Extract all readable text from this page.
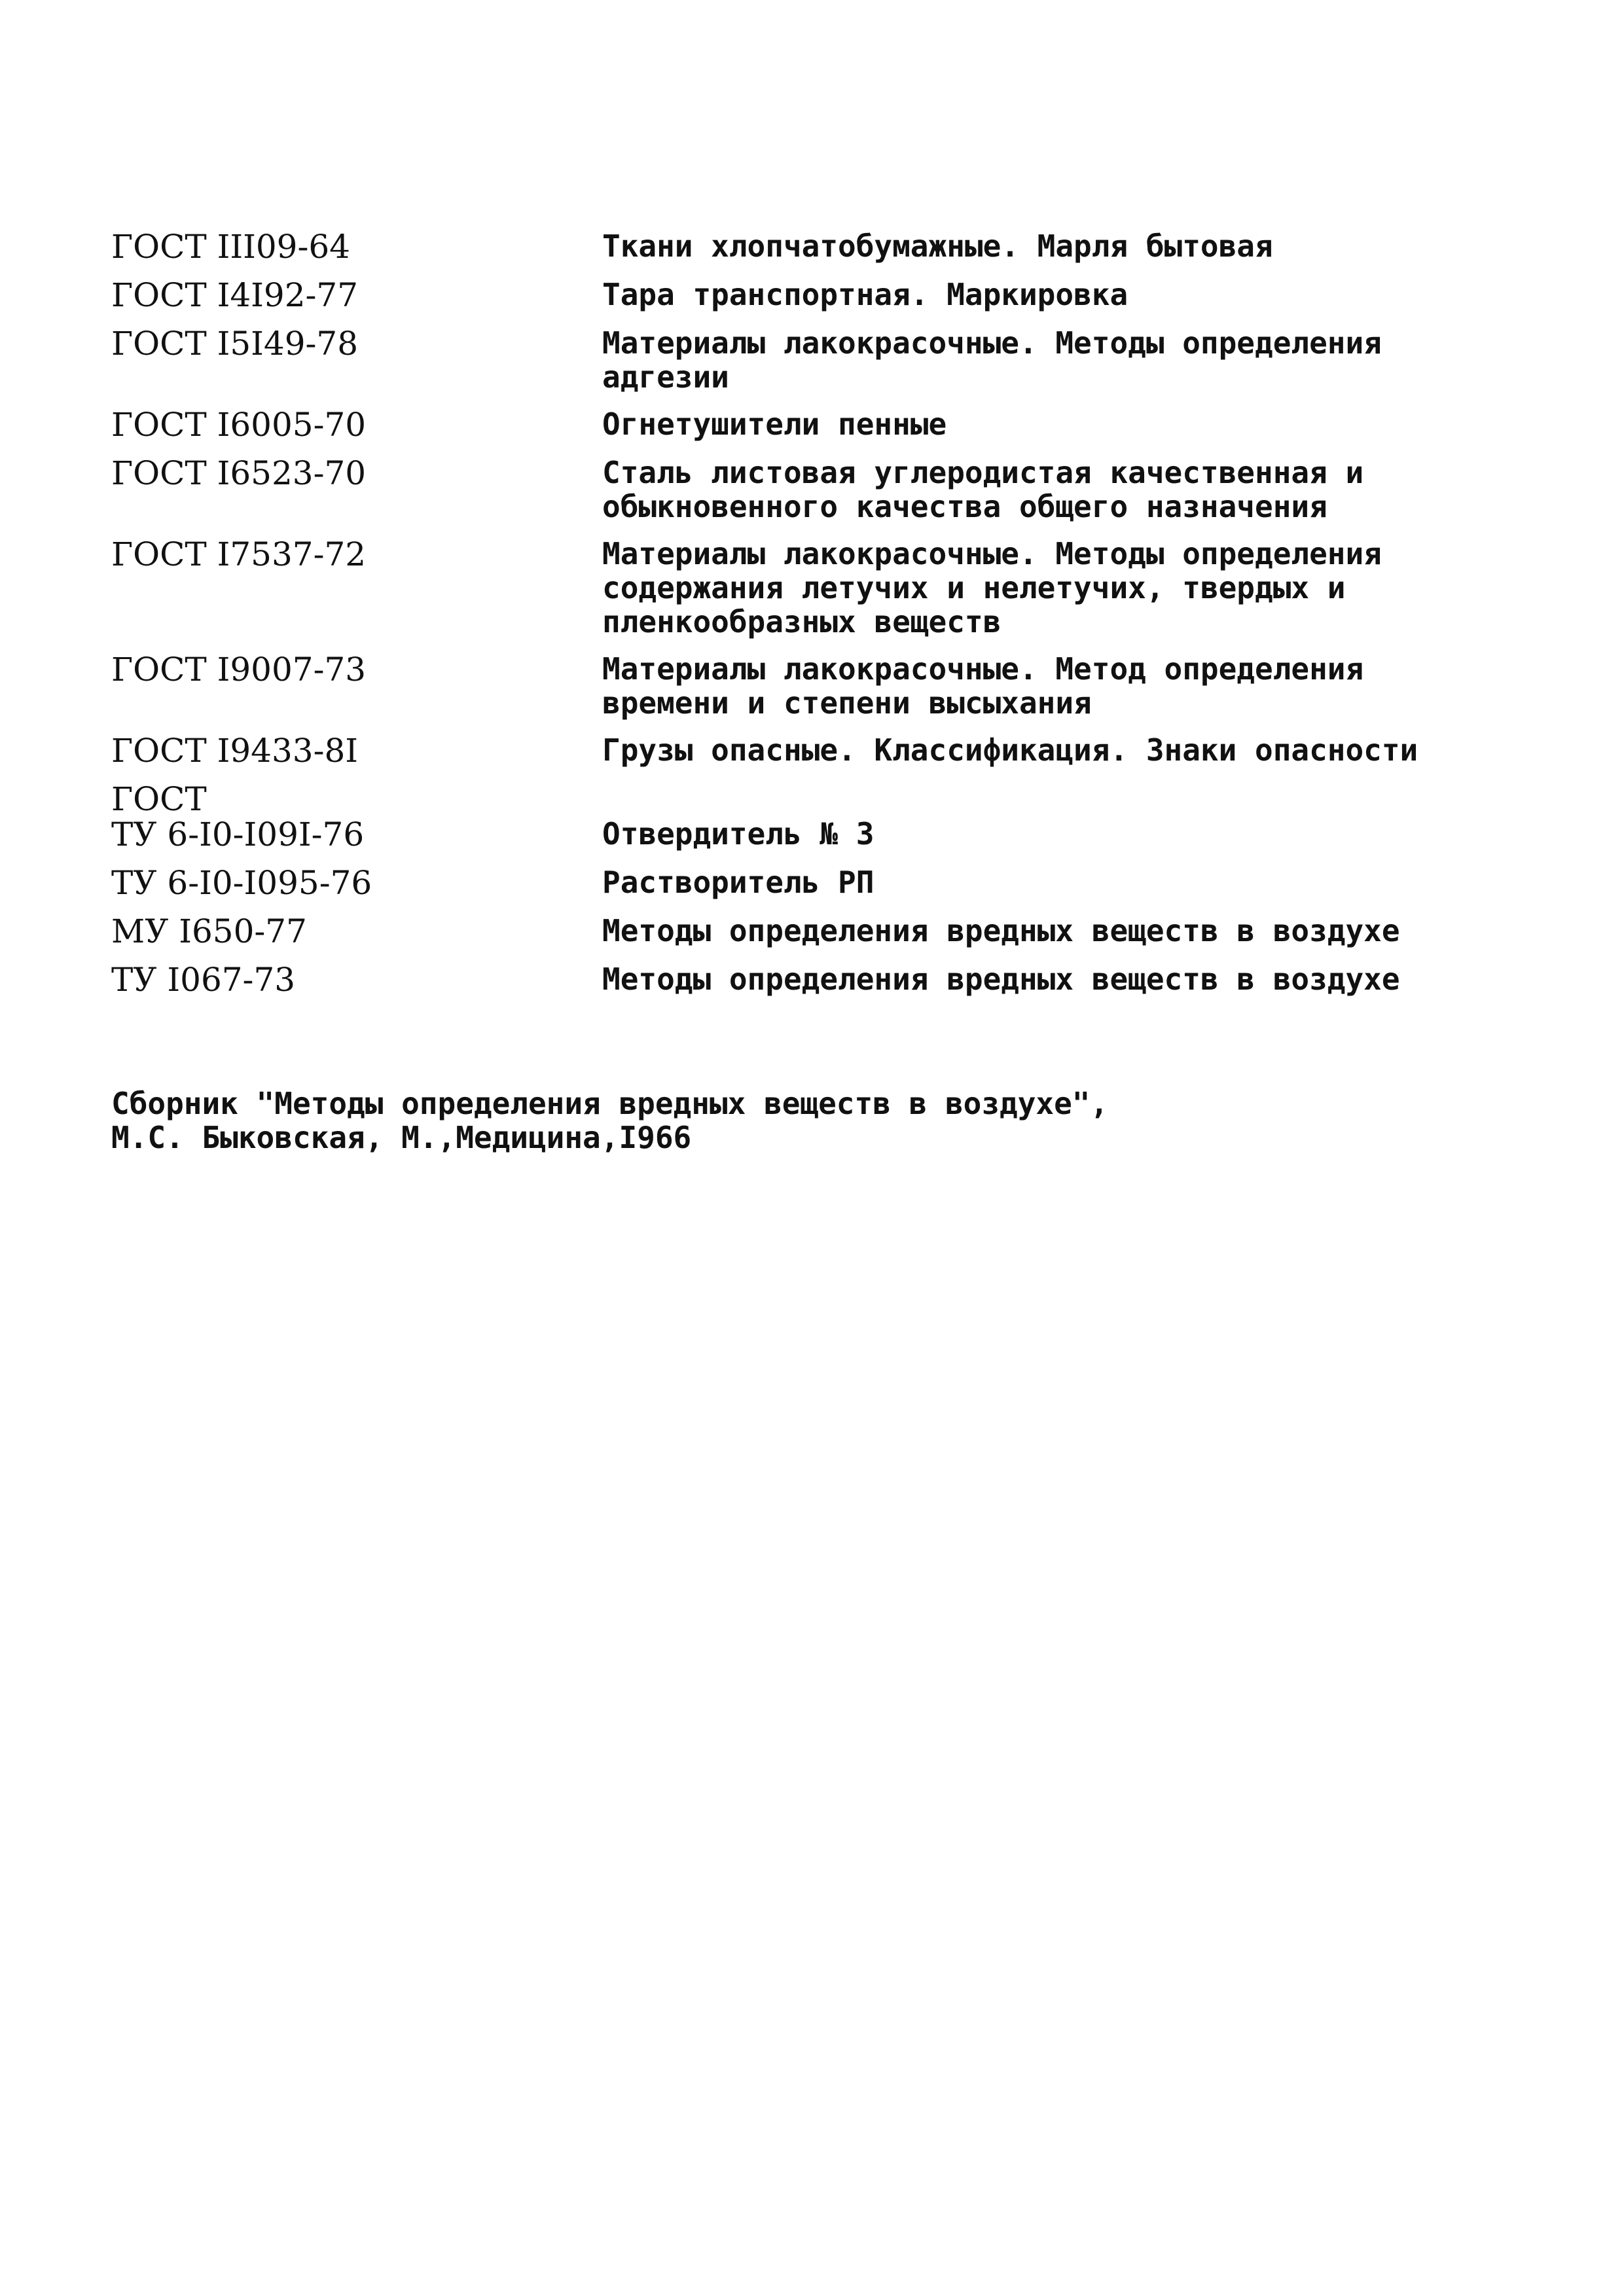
ГОСТ III09-64	Ткани хлопчатобумажные. Марля бытовая
ГОСТ I4I92-77	Тара транспортная. Маркировка
ГОСТ I5I49-78	Материалы лакокрасочные. Методы определения
адгезии
ГОСТ I6005-70	Огнетушители пенные
ГОСТ I6523-70	Сталь листовая углеродистая качественная и
обыкновенного качества общего назначения
ГОСТ I7537-72	Материалы лакокрасочные. Методы определения
содержания летучих и нелетучих, твердых и
пленкообразных веществ
ГОСТ I9007-73	Материалы лакокрасочные. Метод определения
времени и степени высыхания
ГОСТ I9433-8I	Грузы опасные. Классификация. Знаки опасности
ГОСТ
ТУ 6-I0-I09I-76	Отвердитель № 3
ТУ 6-I0-I095-76	Растворитель РП
МУ I650-77	Методы определения вредных веществ в воздухе
ТУ I067-73	Методы определения вредных веществ в воздухе
Сборник "Методы определения вредных веществ в воздухе",
М.С. Быковская, М.,Медицина,I966
